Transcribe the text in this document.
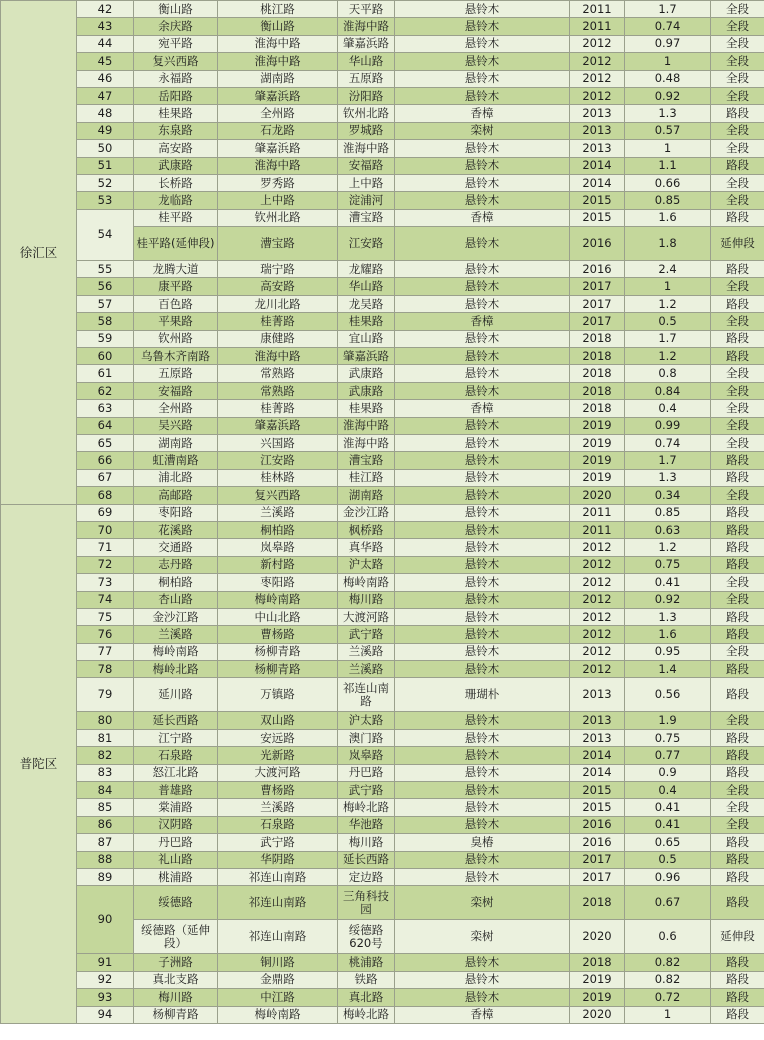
徐汇区	42	衡山路	桃江路	天平路	悬铃木	2011	1.7	全段
	43	余庆路	衡山路	淮海中路	悬铃木	2011	0.74	全段
	44	宛平路	淮海中路	肇嘉浜路	悬铃木	2012	0.97	全段
	45	复兴西路	淮海中路	华山路	悬铃木	2012	1	全段
	46	永福路	湖南路	五原路	悬铃木	2012	0.48	全段
	47	岳阳路	肇嘉浜路	汾阳路	悬铃木	2012	0.92	全段
	48	桂果路	全州路	钦州北路	香樟	2013	1.3	路段
	49	东泉路	石龙路	罗城路	栾树	2013	0.57	全段
	50	高安路	肇嘉浜路	淮海中路	悬铃木	2013	1	全段
	51	武康路	淮海中路	安福路	悬铃木	2014	1.1	路段
	52	长桥路	罗秀路	上中路	悬铃木	2014	0.66	全段
	53	龙临路	上中路	淀浦河	悬铃木	2015	0.85	全段
	54	桂平路	钦州北路	漕宝路	香樟	2015	1.6	路段
		桂平路(延伸段)	漕宝路	江安路	悬铃木	2016	1.8	延伸段
	55	龙腾大道	瑞宁路	龙耀路	悬铃木	2016	2.4	路段
	56	康平路	高安路	华山路	悬铃木	2017	1	全段
	57	百色路	龙川北路	龙吴路	悬铃木	2017	1.2	路段
	58	平果路	桂菁路	桂果路	香樟	2017	0.5	全段
	59	钦州路	康健路	宜山路	悬铃木	2018	1.7	路段
	60	乌鲁木齐南路	淮海中路	肇嘉浜路	悬铃木	2018	1.2	路段
	61	五原路	常熟路	武康路	悬铃木	2018	0.8	全段
	62	安福路	常熟路	武康路	悬铃木	2018	0.84	全段
	63	全州路	桂菁路	桂果路	香樟	2018	0.4	全段
	64	吴兴路	肇嘉浜路	淮海中路	悬铃木	2019	0.99	全段
	65	湖南路	兴国路	淮海中路	悬铃木	2019	0.74	全段
	66	虹漕南路	江安路	漕宝路	悬铃木	2019	1.7	路段
	67	浦北路	桂林路	桂江路	悬铃木	2019	1.3	路段
	68	高邮路	复兴西路	湖南路	悬铃木	2020	0.34	全段
普陀区	69	枣阳路	兰溪路	金沙江路	悬铃木	2011	0.85	路段
	70	花溪路	桐柏路	枫桥路	悬铃木	2011	0.63	路段
	71	交通路	岚皋路	真华路	悬铃木	2012	1.2	路段
	72	志丹路	新村路	沪太路	悬铃木	2012	0.75	路段
	73	桐柏路	枣阳路	梅岭南路	悬铃木	2012	0.41	全段
	74	杏山路	梅岭南路	梅川路	悬铃木	2012	0.92	全段
	75	金沙江路	中山北路	大渡河路	悬铃木	2012	1.3	路段
	76	兰溪路	曹杨路	武宁路	悬铃木	2012	1.6	路段
	77	梅岭南路	杨柳青路	兰溪路	悬铃木	2012	0.95	全段
	78	梅岭北路	杨柳青路	兰溪路	悬铃木	2012	1.4	路段
	79	延川路	万镇路	祁连山南路	珊瑚朴	2013	0.56	路段
	80	延长西路	双山路	沪太路	悬铃木	2013	1.9	全段
	81	江宁路	安远路	澳门路	悬铃木	2013	0.75	路段
	82	石泉路	光新路	岚皋路	悬铃木	2014	0.77	路段
	83	怒江北路	大渡河路	丹巴路	悬铃木	2014	0.9	路段
	84	普雄路	曹杨路	武宁路	悬铃木	2015	0.4	全段
	85	棠浦路	兰溪路	梅岭北路	悬铃木	2015	0.41	全段
	86	汉阴路	石泉路	华池路	悬铃木	2016	0.41	全段
	87	丹巴路	武宁路	梅川路	臭椿	2016	0.65	路段
	88	礼山路	华阴路	延长西路	悬铃木	2017	0.5	路段
	89	桃浦路	祁连山南路	定边路	悬铃木	2017	0.96	路段
	90	绥德路	祁连山南路	三角科技园	栾树	2018	0.67	路段
		绥德路（延伸段）	祁连山南路	绥德路620号	栾树	2020	0.6	延伸段
	91	子洲路	铜川路	桃浦路	悬铃木	2018	0.82	路段
	92	真北支路	金鼎路	铁路	悬铃木	2019	0.82	路段
	93	梅川路	中江路	真北路	悬铃木	2019	0.72	路段
	94	杨柳青路	梅岭南路	梅岭北路	香樟	2020	1	路段
